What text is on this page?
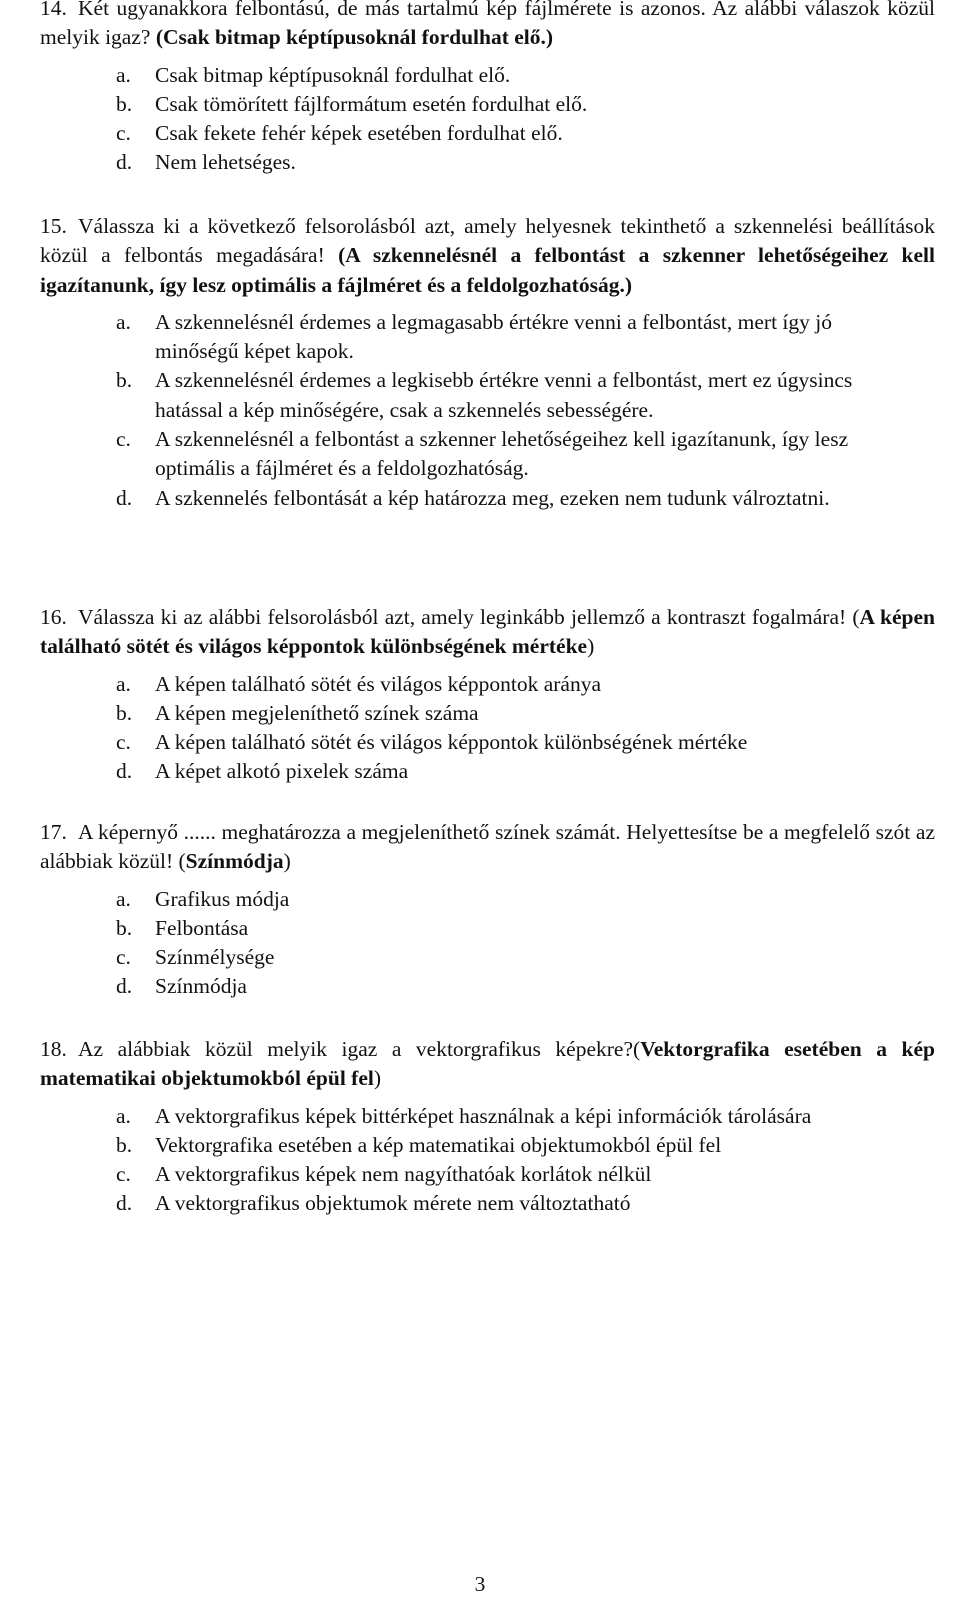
14. Két ugyanakkora felbontású, de más tartalmú kép fájlmérete is azonos. Az alábbi válaszok közül melyik igaz? (Csak bitmap képtípusoknál fordulhat elő.)
a.	Csak bitmap képtípusoknál fordulhat elő.
b.	Csak tömörített fájlformátum esetén fordulhat elő.
c.	Csak fekete fehér képek esetében fordulhat elő.
d.	Nem lehetséges.
15. Válassza ki a következő felsorolásból azt, amely helyesnek tekinthető a szkennelési beállítások közül a felbontás megadására! (A szkennelésnél a felbontást a szkenner lehetőségeihez kell igazítanunk, így lesz optimális a fájlméret és a feldolgozhatóság.)
a.	A szkennelésnél érdemes a legmagasabb értékre venni a felbontást, mert így jó minőségű képet kapok.
b.	A szkennelésnél érdemes a legkisebb értékre venni a felbontást, mert ez úgysincs hatással a kép minőségére, csak a szkennelés sebességére.
c.	A szkennelésnél a felbontást a szkenner lehetőségeihez kell igazítanunk, így lesz optimális a fájlméret és a feldolgozhatóság.
d.	A szkennelés felbontását a kép határozza meg, ezeken nem tudunk válroztatni.
16. Válassza ki az alábbi felsorolásból azt, amely leginkább jellemző a kontraszt fogalmára! (A képen található sötét és világos képpontok különbségének mértéke)
a.	A képen található sötét és világos képpontok aránya
b.	A képen megjeleníthető színek száma
c.	A képen található sötét és világos képpontok különbségének mértéke
d.	A képet alkotó pixelek száma
17. A képernyő ...... meghatározza a megjeleníthető színek számát. Helyettesítse be a megfelelő szót az alábbiak közül! (Színmódja)
a.	Grafikus módja
b.	Felbontása
c.	Színmélysége
d.	Színmódja
18. Az alábbiak közül melyik igaz a vektorgrafikus képekre?(Vektorgrafika esetében a kép matematikai objektumokból épül fel)
a.	A vektorgrafikus képek bittérképet használnak a képi információk tárolására
b.	Vektorgrafika esetében a kép matematikai objektumokból épül fel
c.	A vektorgrafikus képek nem nagyíthatóak korlátok nélkül
d.	A vektorgrafikus objektumok mérete nem változtatható
3
